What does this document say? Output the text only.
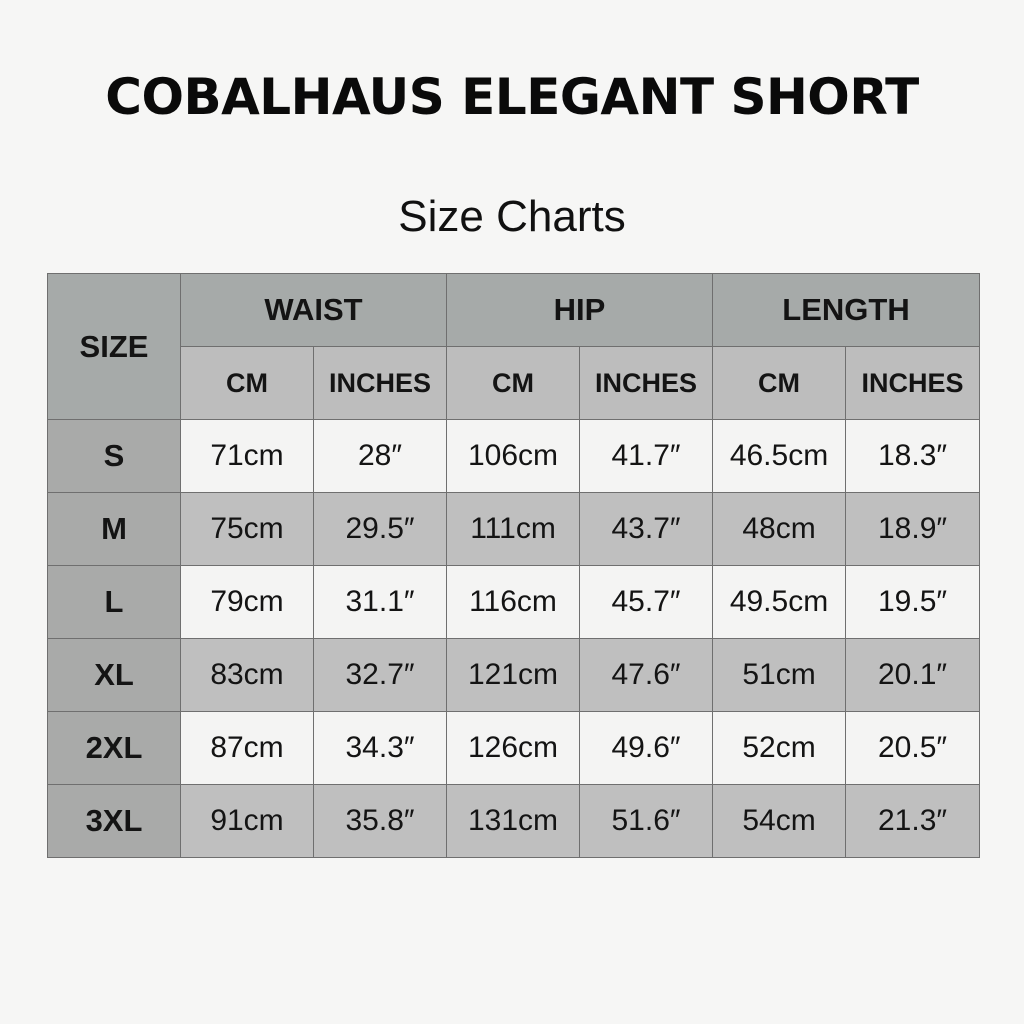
COBALHAUS ELEGANT SHORT
Size Charts
SIZE	WAIST		HIP		LENGTH	
	CM	INCHES	CM	INCHES	CM	INCHES
S	71cm	28″	106cm	41.7″	46.5cm	18.3″
M	75cm	29.5″	111cm	43.7″	48cm	18.9″
L	79cm	31.1″	116cm	45.7″	49.5cm	19.5″
XL	83cm	32.7″	121cm	47.6″	51cm	20.1″
2XL	87cm	34.3″	126cm	49.6″	52cm	20.5″
3XL	91cm	35.8″	131cm	51.6″	54cm	21.3″
